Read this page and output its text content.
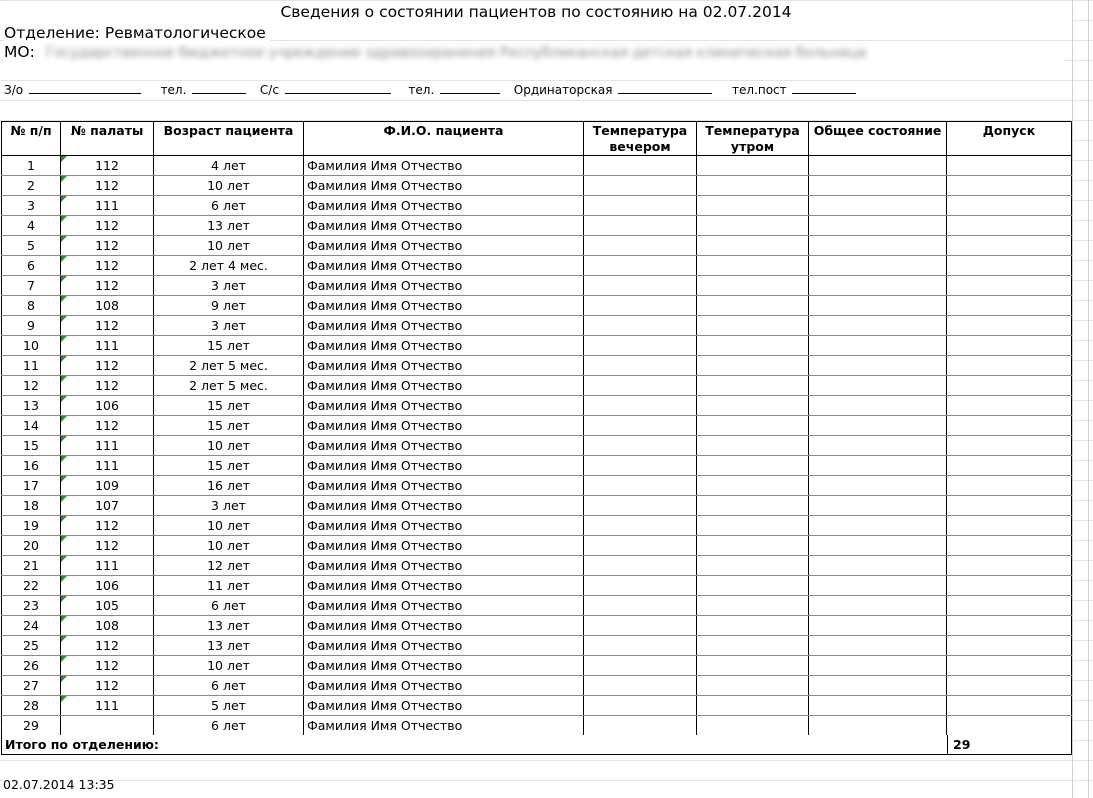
Сведения о состоянии пациентов по состоянию на 02.07.2014
Отделение: Ревматологическое
МО: Государственное бюджетное учреждение здравоохранения Республиканская детская клиническая больница
З/о	тел.	С/с	тел.	Ординаторская	тел.пост
№ п/п	№ палаты	Возраст пациента	Ф.И.О. пациента	Температура вечером	Температура утром	Общее состояние	Допуск
1	112	4 лет	Фамилия Имя Отчество				
2	112	10 лет	Фамилия Имя Отчество				
3	111	6 лет	Фамилия Имя Отчество				
4	112	13 лет	Фамилия Имя Отчество				
5	112	10 лет	Фамилия Имя Отчество				
6	112	2 лет 4 мес.	Фамилия Имя Отчество				
7	112	3 лет	Фамилия Имя Отчество				
8	108	9 лет	Фамилия Имя Отчество				
9	112	3 лет	Фамилия Имя Отчество				
10	111	15 лет	Фамилия Имя Отчество				
11	112	2 лет 5 мес.	Фамилия Имя Отчество				
12	112	2 лет 5 мес.	Фамилия Имя Отчество				
13	106	15 лет	Фамилия Имя Отчество				
14	112	15 лет	Фамилия Имя Отчество				
15	111	10 лет	Фамилия Имя Отчество				
16	111	15 лет	Фамилия Имя Отчество				
17	109	16 лет	Фамилия Имя Отчество				
18	107	3 лет	Фамилия Имя Отчество				
19	112	10 лет	Фамилия Имя Отчество				
20	112	10 лет	Фамилия Имя Отчество				
21	111	12 лет	Фамилия Имя Отчество				
22	106	11 лет	Фамилия Имя Отчество				
23	105	6 лет	Фамилия Имя Отчество				
24	108	13 лет	Фамилия Имя Отчество				
25	112	13 лет	Фамилия Имя Отчество				
26	112	10 лет	Фамилия Имя Отчество				
27	112	6 лет	Фамилия Имя Отчество				
28	111	5 лет	Фамилия Имя Отчество				
29		6 лет	Фамилия Имя Отчество				
Итого по отделению:	29
02.07.2014 13:35
